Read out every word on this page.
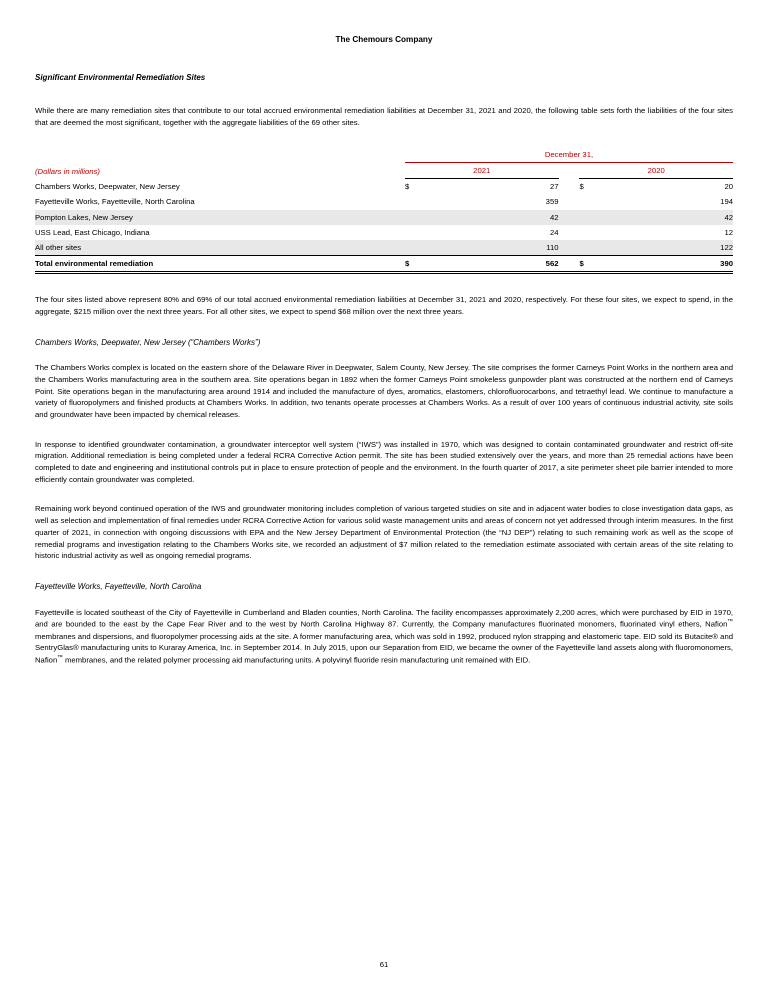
The Chemours Company
Significant Environmental Remediation Sites

While there are many remediation sites that contribute to our total accrued environmental remediation liabilities at December 31, 2021 and 2020, the following table sets forth the liabilities of the four sites that are deemed the most significant, together with the aggregate liabilities of the 69 other sites.

	December 31,				
(Dollars in millions)	2021			2020	
Chambers Works, Deepwater, New Jersey	$	27		$	20
Fayetteville Works, Fayetteville, North Carolina		359			194
Pompton Lakes, New Jersey		42			42
USS Lead, East Chicago, Indiana		24			12
All other sites		110			122
Total environmental remediation	$	562		$	390

The four sites listed above represent 80% and 69% of our total accrued environmental remediation liabilities at December 31, 2021 and 2020, respectively. For these four sites, we expect to spend, in the aggregate, $215 million over the next three years. For all other sites, we expect to spend $68 million over the next three years.

Chambers Works, Deepwater, New Jersey (“Chambers Works”)

The Chambers Works complex is located on the eastern shore of the Delaware River in Deepwater, Salem County, New Jersey. The site comprises the former Carneys Point Works in the northern area and the Chambers Works manufacturing area in the southern area. Site operations began in 1892 when the former Carneys Point smokeless gunpowder plant was constructed at the northern end of Carneys Point. Site operations began in the manufacturing area around 1914 and included the manufacture of dyes, aromatics, elastomers, chlorofluorocarbons, and tetraethyl lead. We continue to manufacture a variety of fluoropolymers and finished products at Chambers Works. In addition, two tenants operate processes at Chambers Works. As a result of over 100 years of continuous industrial activity, site soils and groundwater have been impacted by chemical releases.

In response to identified groundwater contamination, a groundwater interceptor well system (“IWS”) was installed in 1970, which was designed to contain contaminated groundwater and restrict off-site migration. Additional remediation is being completed under a federal RCRA Corrective Action permit. The site has been studied extensively over the years, and more than 25 remedial actions have been completed to date and engineering and institutional controls put in place to ensure protection of people and the environment. In the fourth quarter of 2017, a site perimeter sheet pile barrier intended to more efficiently contain groundwater was completed.

Remaining work beyond continued operation of the IWS and groundwater monitoring includes completion of various targeted studies on site and in adjacent water bodies to close investigation data gaps, as well as selection and implementation of final remedies under RCRA Corrective Action for various solid waste management units and areas of concern not yet addressed through interim measures. In the first quarter of 2021, in connection with ongoing discussions with EPA and the New Jersey Department of Environmental Protection (the “NJ DEP”) relating to such remaining work as well as the scope of remedial programs and investigation relating to the Chambers Works site, we recorded an adjustment of $7 million related to the remediation estimate associated with certain areas of the site relating to historic industrial activity as well as ongoing remedial programs.

Fayetteville Works, Fayetteville, North Carolina

Fayetteville is located southeast of the City of Fayetteville in Cumberland and Bladen counties, North Carolina. The facility encompasses approximately 2,200 acres, which were purchased by EID in 1970, and are bounded to the east by the Cape Fear River and to the west by North Carolina Highway 87. Currently, the Company manufactures fluorinated monomers, fluorinated vinyl ethers, Nafion™ membranes and dispersions, and fluoropolymer processing aids at the site. A former manufacturing area, which was sold in 1992, produced nylon strapping and elastomeric tape. EID sold its Butacite® and SentryGlas® manufacturing units to Kuraray America, Inc. in September 2014. In July 2015, upon our Separation from EID, we became the owner of the Fayetteville land assets along with fluoromonomers, Nafion™ membranes, and the related polymer processing aid manufacturing units. A polyvinyl fluoride resin manufacturing unit remained with EID.

61
